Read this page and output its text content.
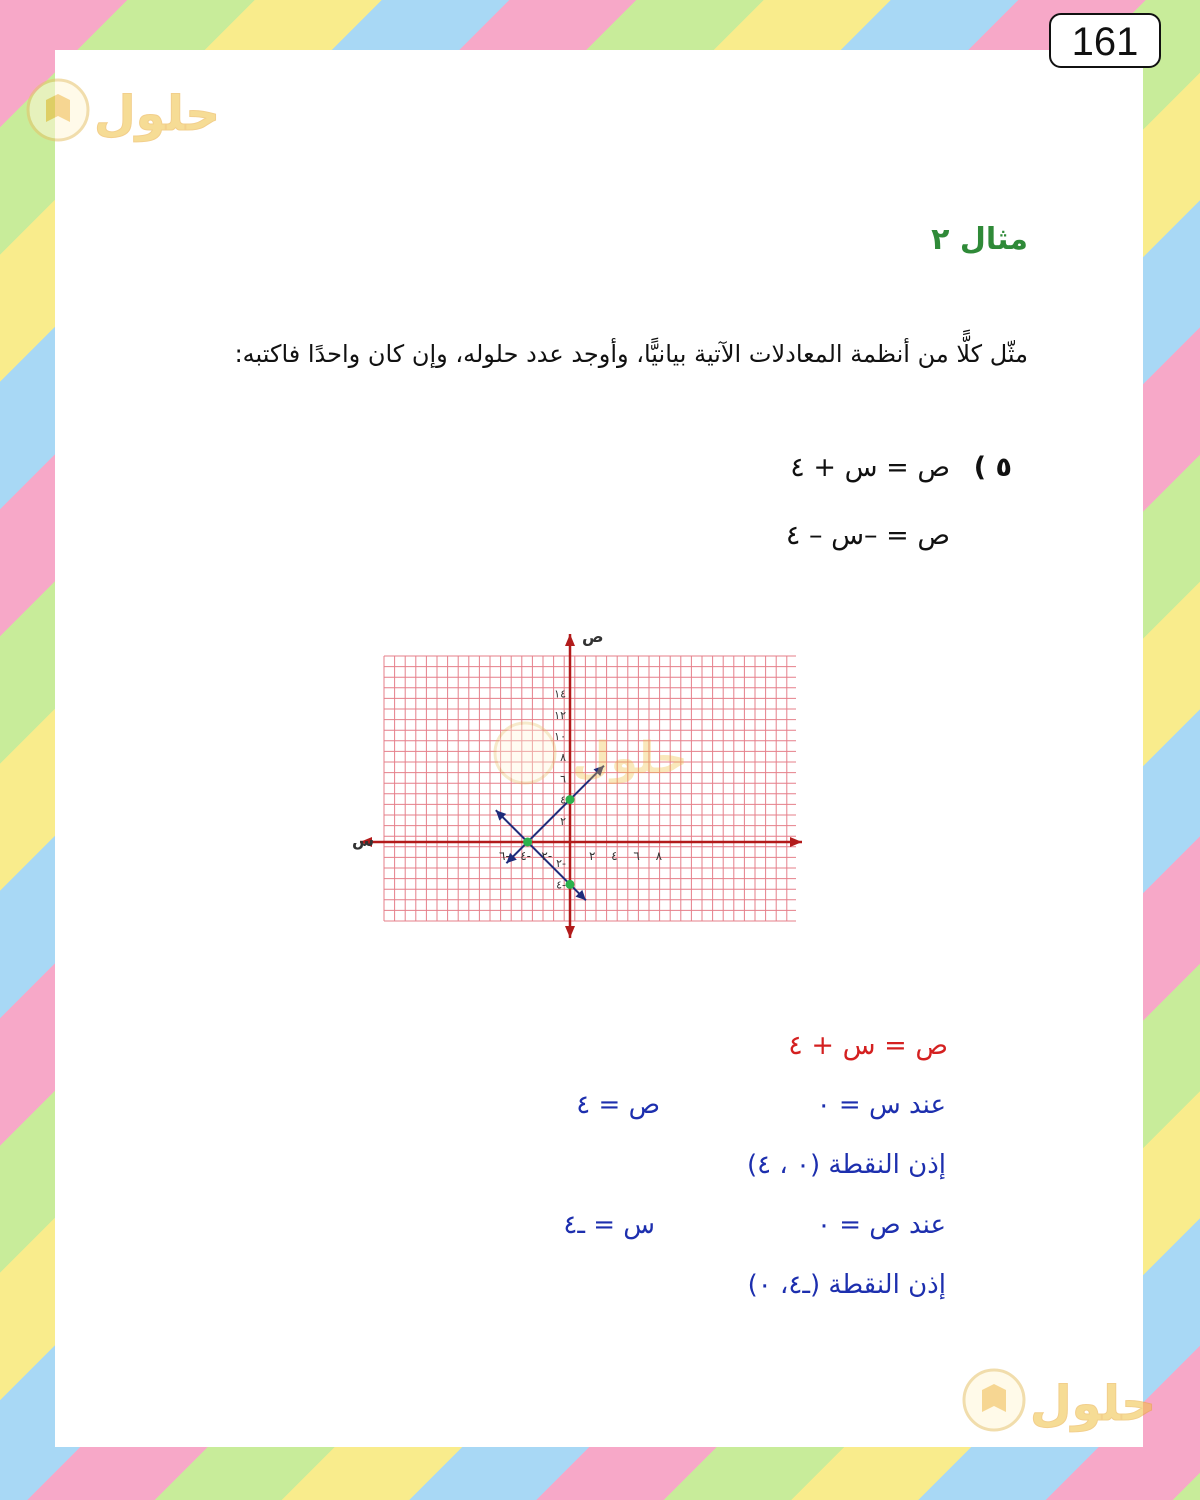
161
حلول
حلول
مثال ٢
مثّل كلًّا من أنظمة المعادلات الآتية بيانيًّا، وأوجد عدد حلوله، وإن كان واحدًا فاكتبه:
٥ )
ص = س + ٤
ص = –س – ٤
١٤
١٢
١٠
٨
٦
٤
٢
٢-
٤-
٦- ٤- ٢-	٢ ٤ ٦ ٨
ص
س
حلول
ص = س + ٤
عند س = ٠
ص = ٤
إذن النقطة (٠ ، ٤)
عند ص = ٠
س = ـ٤
إذن النقطة (ـ٤، ٠)
